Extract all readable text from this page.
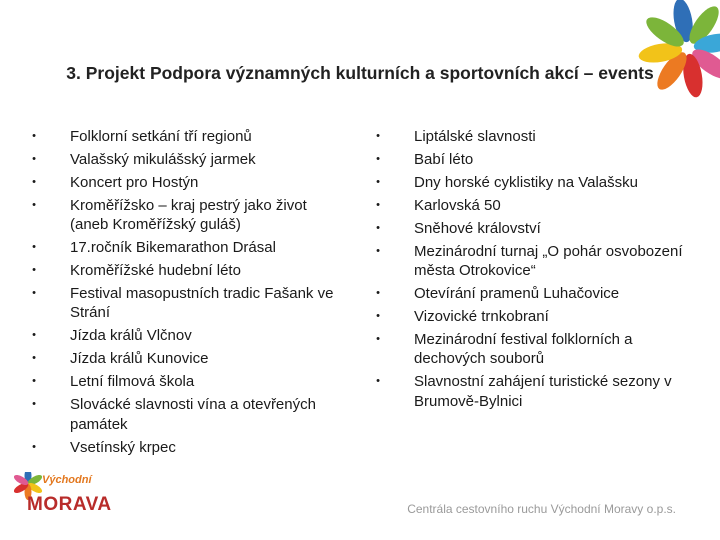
3. Projekt Podpora významných kulturních a sportovních akcí – events
• Folklorní setkání tří regionů
• Valašský mikulášský jarmek
• Koncert pro Hostýn
• Kroměřížsko – kraj pestrý jako život (aneb Kroměřížský guláš)
• 17.ročník Bikemarathon Drásal
• Kroměřížské hudební léto
• Festival masopustních tradic Fašank ve Strání
• Jízda králů Vlčnov
• Jízda králů Kunovice
• Letní filmová škola
• Slovácké slavnosti vína a otevřených památek
• Vsetínský krpec
• Liptálské slavnosti
• Babí léto
• Dny horské cyklistiky na Valašsku
• Karlovská 50
• Sněhové království
• Mezinárodní turnaj „O pohár osvobození města Otrokovice“
• Otevírání pramenů Luhačovice
• Vizovické trnkobraní
• Mezinárodní festival folklorních a dechových souborů
• Slavnostní zahájení turistické sezony v Brumově-Bylnici
Východní
MORAVA	Centrála cestovního ruchu Východní Moravy o.p.s.
